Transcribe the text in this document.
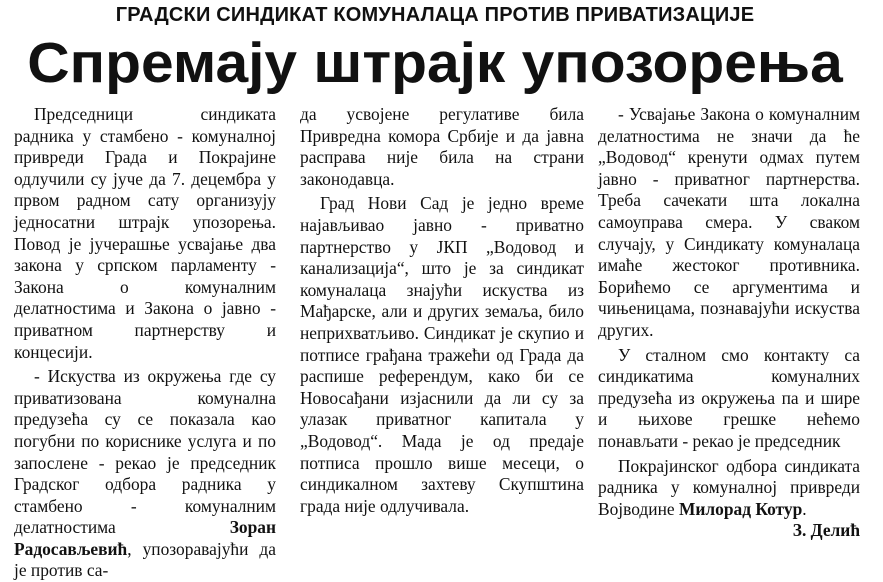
ГРАДСКИ СИНДИКАТ КОМУНАЛАЦА ПРОТИВ ПРИВАТИЗАЦИЈЕ
Спремају штрајк упозорења

Председници синдиката радника у стамбено - комуналној привреди Града и Покрајине одлучили су јуче да 7. децембра у првом радном сату организују једносатни штрајк упозорења. Повод је јучерашње усвајање два закона у српском парламенту - Закона о комуналним делатностима и Закона о јавно - приватном партнерству и концесији.

- Искуства из окружења где су приватизована комунална предузећа су се показала као погубни по кориснике услуга и по запослене - рекао је председник Градског одбора радника у стамбено - комуналним делатностима Зоран Радосављевић, упозоравајући да је против са-

да усвојене регулативе била Привредна комора Србије и да јавна расправа није била на страни законодавца.

Град Нови Сад је једно време најављивао јавно - приватно партнерство у ЈКП „Водовод и канализација“, што је за синдикат комуналаца знајући искуства из Мађарске, али и других земаља, било неприхватљиво. Синдикат је скупио и потписе грађана тражећи од Града да распише референдум, како би се Новосађани изјаснили да ли су за улазак приватног капитала у „Водовод“. Мада је од предаје потписа прошло више месеци, о синдикалном захтеву Скупштина града није одлучивала.

- Усвајање Закона о комуналним делатностима не значи да ће „Водовод“ кренути одмах путем јавно - приватног партнерства. Треба сачекати шта локална самоуправа смера. У сваком случају, у Синдикату комуналаца имаће жестоког противника. Борићемо се аргументима и чињеницама, познавајући искуства других.

У сталном смо контакту са синдикатима комуналних предузећа из окружења па и шире и њихове грешке нећемо понављати - рекао је председник

Покрајинског одбора синдиката радника у комуналној привреди Војводине Милорад Котур.

З. Делић
